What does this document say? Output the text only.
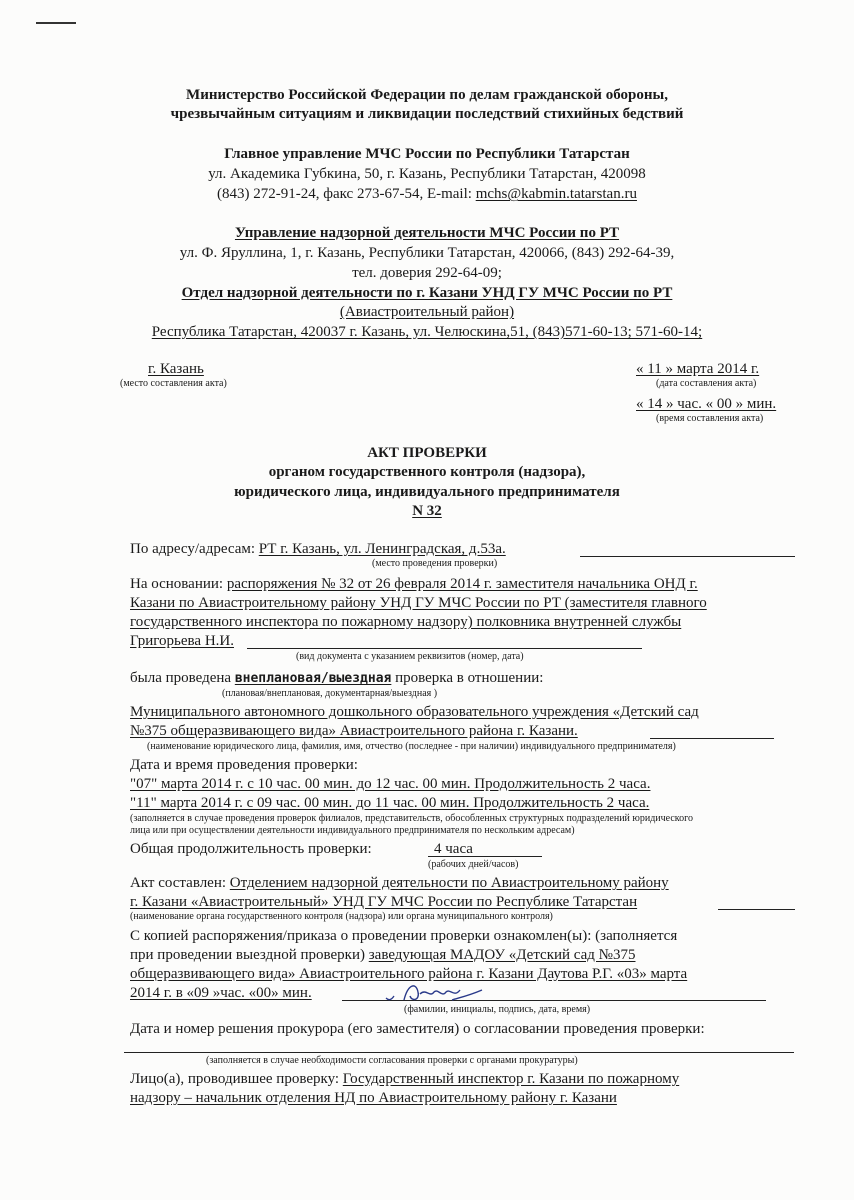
Министерство Российской Федерации по делам гражданской обороны,
чрезвычайным ситуациям и ликвидации последствий стихийных бедствий
Главное управление МЧС России по Республики Татарстан
ул. Академика Губкина, 50, г. Казань, Республики Татарстан, 420098
(843) 272-91-24, факс 273-67-54, E-mail: mchs@kabmin.tatarstan.ru
Управление надзорной деятельности МЧС России по РТ
ул. Ф. Яруллина, 1, г. Казань, Республики Татарстан, 420066, (843) 292-64-39,
тел. доверия 292-64-09;
Отдел надзорной деятельности по г. Казани УНД ГУ МЧС России по РТ
(Авиастроительный район)
Республика Татарстан, 420037 г. Казань, ул. Челюскина,51, (843)571-60-13; 571-60-14;
г. Казань
(место составления акта)
« 11 » марта 2014 г.
(дата составления акта)
« 14 » час. « 00 » мин.
(время составления акта)
АКТ ПРОВЕРКИ
органом государственного контроля (надзора),
юридического лица, индивидуального предпринимателя
N 32
По адресу/адресам: РТ г. Казань, ул. Ленинградская, д.53а.
(место проведения проверки)
На основании: распоряжения № 32 от 26 февраля 2014 г. заместителя начальника ОНД г.
Казани по Авиастроительному району УНД ГУ МЧС России по РТ (заместителя главного
государственного инспектора по пожарному надзору) полковника внутренней службы
Григорьева Н.И.
(вид документа с указанием реквизитов (номер, дата)
была проведена внеплановая/выездная проверка в отношении:
(плановая/внеплановая, документарная/выездная )
Муниципального автономного дошкольного образовательного учреждения «Детский сад
№375 общеразвивающего вида» Авиастроительного района г. Казани.
(наименование юридического лица, фамилия, имя, отчество (последнее - при наличии) индивидуального предпринимателя)
Дата и время проведения проверки:
"07" марта 2014 г. с 10 час. 00 мин. до 12 час. 00 мин. Продолжительность 2 часа.
"11" марта 2014 г. с 09 час. 00 мин. до 11 час. 00 мин. Продолжительность 2 часа.
(заполняется в случае проведения проверок филиалов, представительств, обособленных структурных подразделений юридического
лица или при осуществлении деятельности индивидуального предпринимателя по нескольким адресам)
Общая продолжительность проверки:	4 часа
(рабочих дней/часов)
Акт составлен: Отделением надзорной деятельности по Авиастроительному району
г. Казани «Авиастроительный» УНД ГУ МЧС России по Республике Татарстан
(наименование органа государственного контроля (надзора) или органа муниципального контроля)
С копией распоряжения/приказа о проведении проверки ознакомлен(ы): (заполняется
при проведении выездной проверки) заведующая МАДОУ «Детский сад №375
общеразвивающего вида» Авиастроительного района г. Казани Даутова Р.Г. «03» марта
2014 г. в «09 »час. «00» мин.
(фамилии, инициалы, подпись, дата, время)
Дата и номер решения прокурора (его заместителя) о согласовании проведения проверки:
(заполняется в случае необходимости согласования проверки с органами прокуратуры)
Лицо(а), проводившее проверку: Государственный инспектор г. Казани по пожарному
надзору – начальник отделения НД по Авиастроительному району г. Казани
